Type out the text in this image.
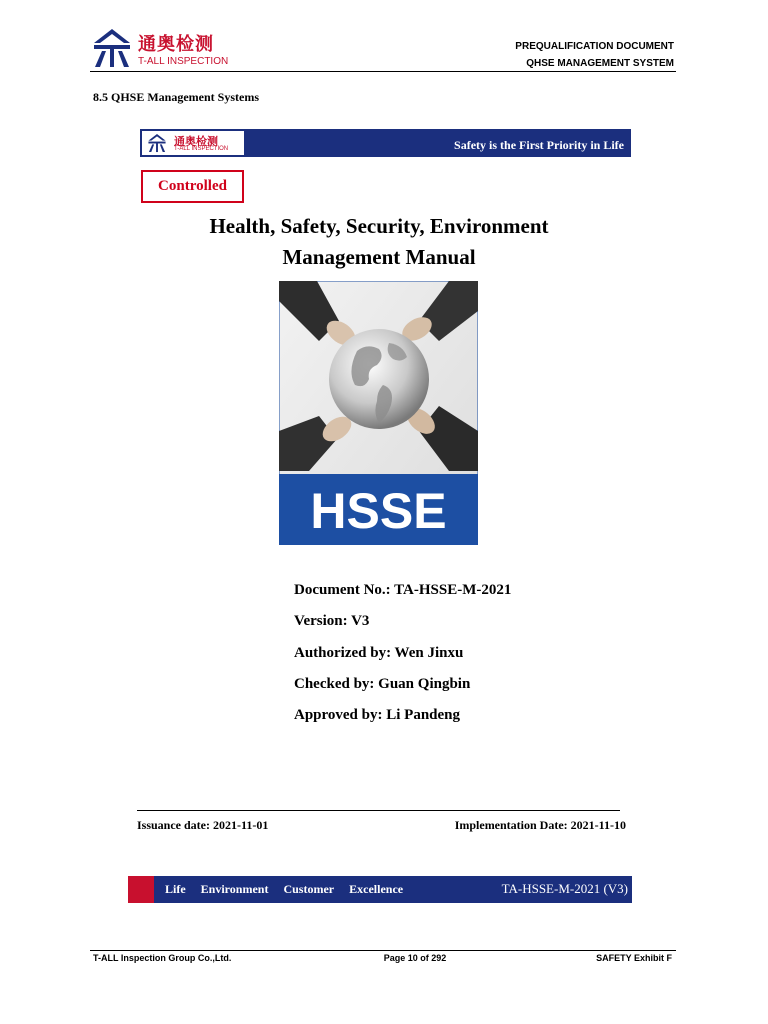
通奥检测
T-ALL INSPECTION
PREQUALIFICATION DOCUMENT
QHSE MANAGEMENT SYSTEM
8.5 QHSE Management Systems
通奥检测
T-ALL INSPECTION	Safety is the First Priority in Life
Controlled
Health, Safety, Security, Environment
Management Manual
HSSE
Document No.: TA-HSSE-M-2021
Version: V3
Authorized by: Wen Jinxu
Checked by: Guan Qingbin
Approved by: Li Pandeng
Issuance date: 2021-11-01	Implementation Date: 2021-11-10
Life Environment Customer Excellence	TA-HSSE-M-2021 (V3)
T-ALL Inspection Group Co.,Ltd.	Page 10 of 292	SAFETY Exhibit F
